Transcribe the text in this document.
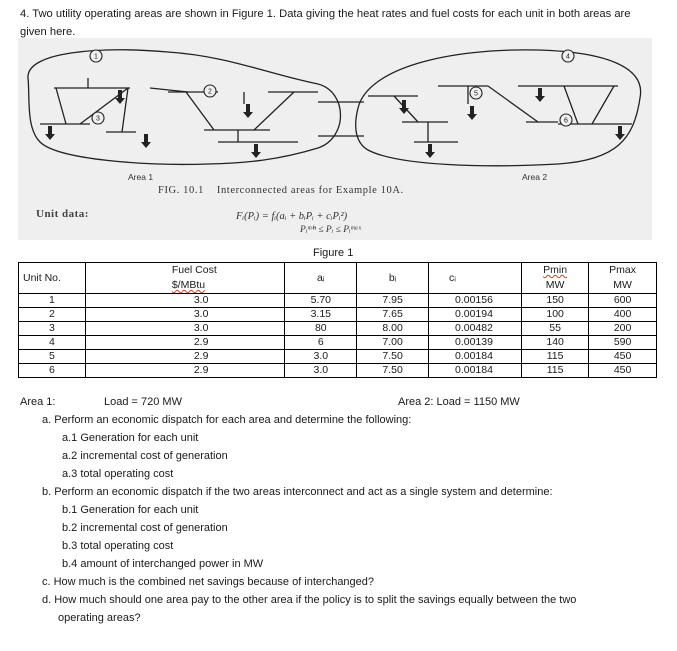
4. Two utility operating areas are shown in Figure 1. Data giving the heat rates and fuel costs for each unit in both areas are given here.
1
2
3
4
5
6
Area 1	Area 2
FIG. 10.1 Interconnected areas for Example 10A.
Unit data:	Fᵢ(Pᵢ) = fᵢ(aᵢ + bᵢPᵢ + cᵢPᵢ²)
Pᵢᵐⁱⁿ ≤ Pᵢ ≤ Pᵢᵐᵃˣ
Figure 1
Unit No.	Fuel Cost	aᵢ	bᵢ	cᵢ	Pmin	Pmax
	$/MBtu				MW	MW
1	3.0	5.70	7.95	0.00156	150	600
2	3.0	3.15	7.65	0.00194	100	400
3	3.0	80	8.00	0.00482	55	200
4	2.9	6	7.00	0.00139	140	590
5	2.9	3.0	7.50	0.00184	115	450
6	2.9	3.0	7.50	0.00184	115	450
Area 1:	Load = 720 MW	Area 2: Load = 1150 MW
a. Perform an economic dispatch for each area and determine the following:
a.1 Generation for each unit
a.2 incremental cost of generation
a.3 total operating cost
b. Perform an economic dispatch if the two areas interconnect and act as a single system and determine:
b.1 Generation for each unit
b.2 incremental cost of generation
b.3 total operating cost
b.4 amount of interchanged power in MW
c. How much is the combined net savings because of interchanged?
d. How much should one area pay to the other area if the policy is to split the savings equally between the two
operating areas?
